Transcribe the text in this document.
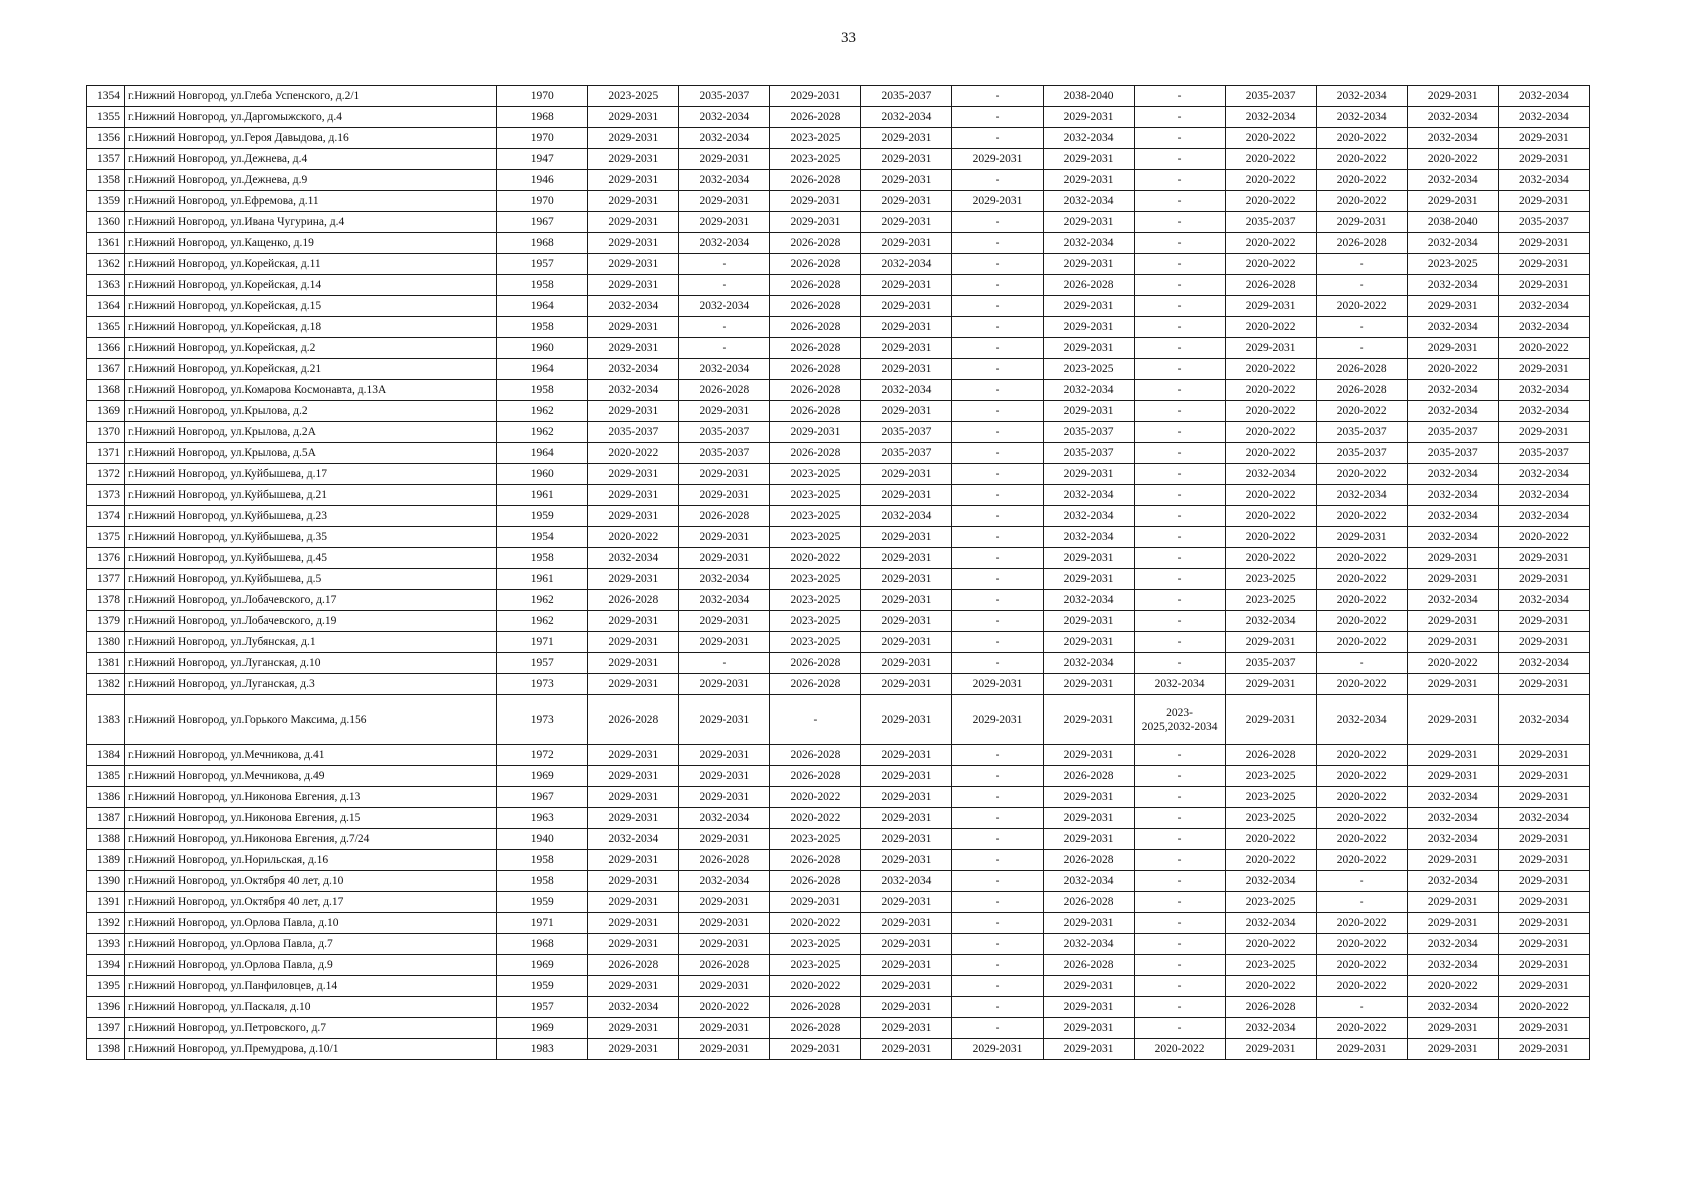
33
1354	г.Нижний Новгород, ул.Глеба Успенского, д.2/1	1970	2023-2025	2035-2037	2029-2031	2035-2037	-	2038-2040	-	2035-2037	2032-2034	2029-2031	2032-2034
1355	г.Нижний Новгород, ул.Даргомыжского, д.4	1968	2029-2031	2032-2034	2026-2028	2032-2034	-	2029-2031	-	2032-2034	2032-2034	2032-2034	2032-2034
1356	г.Нижний Новгород, ул.Героя Давыдова, д.16	1970	2029-2031	2032-2034	2023-2025	2029-2031	-	2032-2034	-	2020-2022	2020-2022	2032-2034	2029-2031
1357	г.Нижний Новгород, ул.Дежнева, д.4	1947	2029-2031	2029-2031	2023-2025	2029-2031	2029-2031	2029-2031	-	2020-2022	2020-2022	2020-2022	2029-2031
1358	г.Нижний Новгород, ул.Дежнева, д.9	1946	2029-2031	2032-2034	2026-2028	2029-2031	-	2029-2031	-	2020-2022	2020-2022	2032-2034	2032-2034
1359	г.Нижний Новгород, ул.Ефремова, д.11	1970	2029-2031	2029-2031	2029-2031	2029-2031	2029-2031	2032-2034	-	2020-2022	2020-2022	2029-2031	2029-2031
1360	г.Нижний Новгород, ул.Ивана Чугурина, д.4	1967	2029-2031	2029-2031	2029-2031	2029-2031	-	2029-2031	-	2035-2037	2029-2031	2038-2040	2035-2037
1361	г.Нижний Новгород, ул.Кащенко, д.19	1968	2029-2031	2032-2034	2026-2028	2029-2031	-	2032-2034	-	2020-2022	2026-2028	2032-2034	2029-2031
1362	г.Нижний Новгород, ул.Корейская, д.11	1957	2029-2031	-	2026-2028	2032-2034	-	2029-2031	-	2020-2022	-	2023-2025	2029-2031
1363	г.Нижний Новгород, ул.Корейская, д.14	1958	2029-2031	-	2026-2028	2029-2031	-	2026-2028	-	2026-2028	-	2032-2034	2029-2031
1364	г.Нижний Новгород, ул.Корейская, д.15	1964	2032-2034	2032-2034	2026-2028	2029-2031	-	2029-2031	-	2029-2031	2020-2022	2029-2031	2032-2034
1365	г.Нижний Новгород, ул.Корейская, д.18	1958	2029-2031	-	2026-2028	2029-2031	-	2029-2031	-	2020-2022	-	2032-2034	2032-2034
1366	г.Нижний Новгород, ул.Корейская, д.2	1960	2029-2031	-	2026-2028	2029-2031	-	2029-2031	-	2029-2031	-	2029-2031	2020-2022
1367	г.Нижний Новгород, ул.Корейская, д.21	1964	2032-2034	2032-2034	2026-2028	2029-2031	-	2023-2025	-	2020-2022	2026-2028	2020-2022	2029-2031
1368	г.Нижний Новгород, ул.Комарова Космонавта, д.13А	1958	2032-2034	2026-2028	2026-2028	2032-2034	-	2032-2034	-	2020-2022	2026-2028	2032-2034	2032-2034
1369	г.Нижний Новгород, ул.Крылова, д.2	1962	2029-2031	2029-2031	2026-2028	2029-2031	-	2029-2031	-	2020-2022	2020-2022	2032-2034	2032-2034
1370	г.Нижний Новгород, ул.Крылова, д.2А	1962	2035-2037	2035-2037	2029-2031	2035-2037	-	2035-2037	-	2020-2022	2035-2037	2035-2037	2029-2031
1371	г.Нижний Новгород, ул.Крылова, д.5А	1964	2020-2022	2035-2037	2026-2028	2035-2037	-	2035-2037	-	2020-2022	2035-2037	2035-2037	2035-2037
1372	г.Нижний Новгород, ул.Куйбышева, д.17	1960	2029-2031	2029-2031	2023-2025	2029-2031	-	2029-2031	-	2032-2034	2020-2022	2032-2034	2032-2034
1373	г.Нижний Новгород, ул.Куйбышева, д.21	1961	2029-2031	2029-2031	2023-2025	2029-2031	-	2032-2034	-	2020-2022	2032-2034	2032-2034	2032-2034
1374	г.Нижний Новгород, ул.Куйбышева, д.23	1959	2029-2031	2026-2028	2023-2025	2032-2034	-	2032-2034	-	2020-2022	2020-2022	2032-2034	2032-2034
1375	г.Нижний Новгород, ул.Куйбышева, д.35	1954	2020-2022	2029-2031	2023-2025	2029-2031	-	2032-2034	-	2020-2022	2029-2031	2032-2034	2020-2022
1376	г.Нижний Новгород, ул.Куйбышева, д.45	1958	2032-2034	2029-2031	2020-2022	2029-2031	-	2029-2031	-	2020-2022	2020-2022	2029-2031	2029-2031
1377	г.Нижний Новгород, ул.Куйбышева, д.5	1961	2029-2031	2032-2034	2023-2025	2029-2031	-	2029-2031	-	2023-2025	2020-2022	2029-2031	2029-2031
1378	г.Нижний Новгород, ул.Лобачевского, д.17	1962	2026-2028	2032-2034	2023-2025	2029-2031	-	2032-2034	-	2023-2025	2020-2022	2032-2034	2032-2034
1379	г.Нижний Новгород, ул.Лобачевского, д.19	1962	2029-2031	2029-2031	2023-2025	2029-2031	-	2029-2031	-	2032-2034	2020-2022	2029-2031	2029-2031
1380	г.Нижний Новгород, ул.Лубянская, д.1	1971	2029-2031	2029-2031	2023-2025	2029-2031	-	2029-2031	-	2029-2031	2020-2022	2029-2031	2029-2031
1381	г.Нижний Новгород, ул.Луганская, д.10	1957	2029-2031	-	2026-2028	2029-2031	-	2032-2034	-	2035-2037	-	2020-2022	2032-2034
1382	г.Нижний Новгород, ул.Луганская, д.3	1973	2029-2031	2029-2031	2026-2028	2029-2031	2029-2031	2029-2031	2032-2034	2029-2031	2020-2022	2029-2031	2029-2031
1383	г.Нижний Новгород, ул.Горького Максима, д.156	1973	2026-2028	2029-2031	-	2029-2031	2029-2031	2029-2031	2023-2025,2032-2034	2029-2031	2032-2034	2029-2031	2032-2034
1384	г.Нижний Новгород, ул.Мечникова, д.41	1972	2029-2031	2029-2031	2026-2028	2029-2031	-	2029-2031	-	2026-2028	2020-2022	2029-2031	2029-2031
1385	г.Нижний Новгород, ул.Мечникова, д.49	1969	2029-2031	2029-2031	2026-2028	2029-2031	-	2026-2028	-	2023-2025	2020-2022	2029-2031	2029-2031
1386	г.Нижний Новгород, ул.Никонова Евгения, д.13	1967	2029-2031	2029-2031	2020-2022	2029-2031	-	2029-2031	-	2023-2025	2020-2022	2032-2034	2029-2031
1387	г.Нижний Новгород, ул.Никонова Евгения, д.15	1963	2029-2031	2032-2034	2020-2022	2029-2031	-	2029-2031	-	2023-2025	2020-2022	2032-2034	2032-2034
1388	г.Нижний Новгород, ул.Никонова Евгения, д.7/24	1940	2032-2034	2029-2031	2023-2025	2029-2031	-	2029-2031	-	2020-2022	2020-2022	2032-2034	2029-2031
1389	г.Нижний Новгород, ул.Норильская, д.16	1958	2029-2031	2026-2028	2026-2028	2029-2031	-	2026-2028	-	2020-2022	2020-2022	2029-2031	2029-2031
1390	г.Нижний Новгород, ул.Октября 40 лет, д.10	1958	2029-2031	2032-2034	2026-2028	2032-2034	-	2032-2034	-	2032-2034	-	2032-2034	2029-2031
1391	г.Нижний Новгород, ул.Октября 40 лет, д.17	1959	2029-2031	2029-2031	2029-2031	2029-2031	-	2026-2028	-	2023-2025	-	2029-2031	2029-2031
1392	г.Нижний Новгород, ул.Орлова Павла, д.10	1971	2029-2031	2029-2031	2020-2022	2029-2031	-	2029-2031	-	2032-2034	2020-2022	2029-2031	2029-2031
1393	г.Нижний Новгород, ул.Орлова Павла, д.7	1968	2029-2031	2029-2031	2023-2025	2029-2031	-	2032-2034	-	2020-2022	2020-2022	2032-2034	2029-2031
1394	г.Нижний Новгород, ул.Орлова Павла, д.9	1969	2026-2028	2026-2028	2023-2025	2029-2031	-	2026-2028	-	2023-2025	2020-2022	2032-2034	2029-2031
1395	г.Нижний Новгород, ул.Панфиловцев, д.14	1959	2029-2031	2029-2031	2020-2022	2029-2031	-	2029-2031	-	2020-2022	2020-2022	2020-2022	2029-2031
1396	г.Нижний Новгород, ул.Паскаля, д.10	1957	2032-2034	2020-2022	2026-2028	2029-2031	-	2029-2031	-	2026-2028	-	2032-2034	2020-2022
1397	г.Нижний Новгород, ул.Петровского, д.7	1969	2029-2031	2029-2031	2026-2028	2029-2031	-	2029-2031	-	2032-2034	2020-2022	2029-2031	2029-2031
1398	г.Нижний Новгород, ул.Премудрова, д.10/1	1983	2029-2031	2029-2031	2029-2031	2029-2031	2029-2031	2029-2031	2020-2022	2029-2031	2029-2031	2029-2031	2029-2031
